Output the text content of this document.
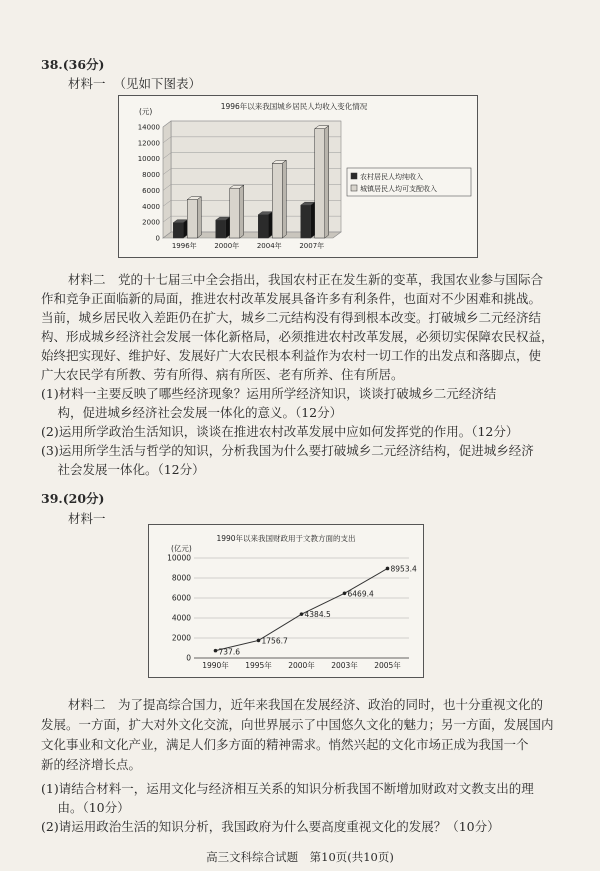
38.(36分)
材料一 （见如下图表）
1996年以来我国城乡居民人均收入变化情况
(元)
0
2000
4000
6000
8000
10000
12000
14000
1996年	2000年	2004年	2007年
农村居民人均纯收入
城镇居民人均可支配收入
材料二　党的十七届三中全会指出，我国农村正在发生新的变革，我国农业参与国际合
作和竞争正面临新的局面，推进农村改革发展具备许多有利条件，也面对不少困难和挑战。
当前，城乡居民收入差距仍在扩大，城乡二元结构没有得到根本改变。打破城乡二元经济结
构、形成城乡经济社会发展一体化新格局，必须推进农村改革发展，必须切实保障农民权益，
始终把实现好、维护好、发展好广大农民根本利益作为农村一切工作的出发点和落脚点，使
广大农民学有所教、劳有所得、病有所医、老有所养、住有所居。
(1)材料一主要反映了哪些经济现象？运用所学经济知识，谈谈打破城乡二元经济结
　 构，促进城乡经济社会发展一体化的意义。（12分）
(2)运用所学政治生活知识，谈谈在推进农村改革发展中应如何发挥党的作用。（12分）
(3)运用所学生活与哲学的知识，分析我国为什么要打破城乡二元经济结构，促进城乡经济
　 社会发展一体化。（12分）
39.(20分)
材料一
1990年以来我国财政用于文教方面的支出
(亿元)
0
2000
4000
6000
8000
10000
737.6
1990年
1756.7
1995年
4384.5
2000年
6469.4
2003年
8953.4
2005年
材料二　为了提高综合国力，近年来我国在发展经济、政治的同时，也十分重视文化的
发展。一方面，扩大对外文化交流，向世界展示了中国悠久文化的魅力；另一方面，发展国内
文化事业和文化产业，满足人们多方面的精神需求。悄然兴起的文化市场正成为我国一个
新的经济增长点。
(1)请结合材料一，运用文化与经济相互关系的知识分析我国不断增加财政对文教支出的理
　 由。（10分）
(2)请运用政治生活的知识分析，我国政府为什么要高度重视文化的发展？（10分）
高三文科综合试题　第10页(共10页)
